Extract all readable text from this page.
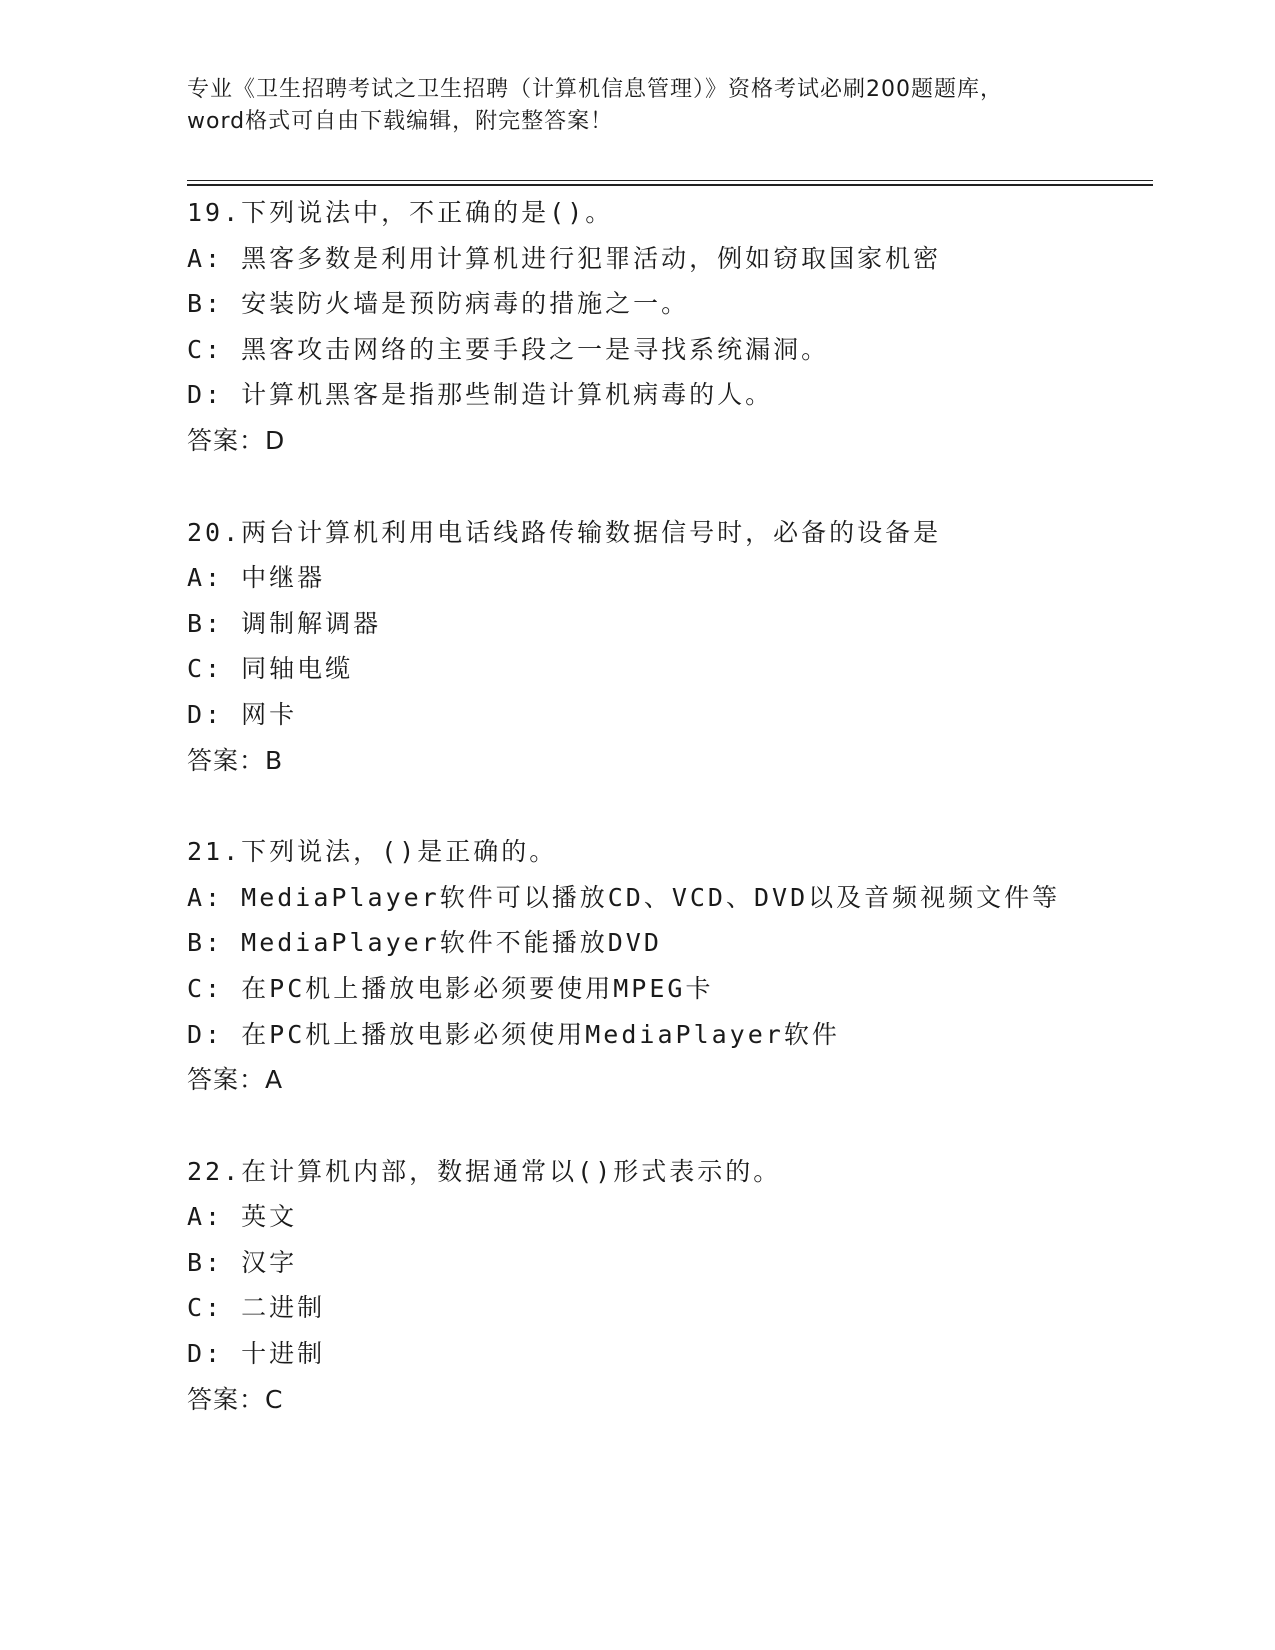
专业《卫生招聘考试之卫生招聘（计算机信息管理）》资格考试必刷200题题库，
word格式可自由下载编辑，附完整答案！
19.下列说法中，不正确的是()。
A: 黑客多数是利用计算机进行犯罪活动，例如窃取国家机密
B: 安装防火墙是预防病毒的措施之一。
C: 黑客攻击网络的主要手段之一是寻找系统漏洞。
D: 计算机黑客是指那些制造计算机病毒的人。
答案：D
20.两台计算机利用电话线路传输数据信号时，必备的设备是
A: 中继器
B: 调制解调器
C: 同轴电缆
D: 网卡
答案：B
21.下列说法，()是正确的。
A: MediaPlayer软件可以播放CD、VCD、DVD以及音频视频文件等
B: MediaPlayer软件不能播放DVD
C: 在PC机上播放电影必须要使用MPEG卡
D: 在PC机上播放电影必须使用MediaPlayer软件
答案：A
22.在计算机内部，数据通常以()形式表示的。
A: 英文
B: 汉字
C: 二进制
D: 十进制
答案：C
